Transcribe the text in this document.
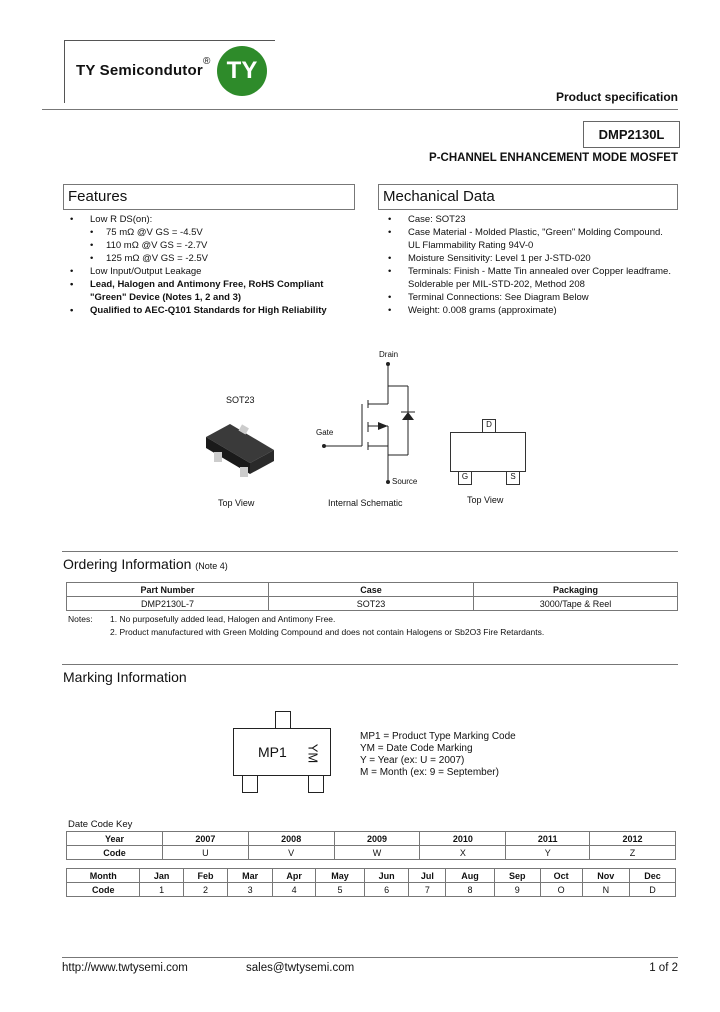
TY Semicondutor
® TY
Product specification
DMP2130L
P-CHANNEL ENHANCEMENT MODE MOSFET
Features
• Low R DS(on):
• 75 mΩ @V GS = -4.5V
• 110 mΩ @V GS = -2.7V
• 125 mΩ @V GS = -2.5V
• Low Input/Output Leakage
• Lead, Halogen and Antimony Free, RoHS Compliant "Green" Device (Notes 1, 2 and 3)
• Qualified to AEC-Q101 Standards for High Reliability
Mechanical Data
• Case: SOT23
• Case Material - Molded Plastic, "Green" Molding Compound. UL Flammability Rating 94V-0
• Moisture Sensitivity: Level 1 per J-STD-020
• Terminals: Finish - Matte Tin annealed over Copper leadframe. Solderable per MIL-STD-202, Method 208
• Terminal Connections: See Diagram Below
• Weight: 0.008 grams (approximate)
SOT23
Top View
Drain
Gate
Source
Internal Schematic
D
G	S
Top View
Ordering Information (Note 4)
Part Number	Case	Packaging
DMP2130L-7	SOT23	3000/Tape & Reel
Notes: 1. No purposefully added lead, Halogen and Antimony Free.
2. Product manufactured with Green Molding Compound and does not contain Halogens or Sb2O3 Fire Retardants.
Marking Information
MP1 YM
MP1 = Product Type Marking Code
YM = Date Code Marking
Y = Year (ex: U = 2007)
M = Month (ex: 9 = September)
Date Code Key
Year	2007	2008	2009	2010	2011	2012
Code	U	V	W	X	Y	Z
Month	Jan	Feb	Mar	Apr	May	Jun	Jul	Aug	Sep	Oct	Nov	Dec
Code	1	2	3	4	5	6	7	8	9	O	N	D
http://www.twtysemi.com	sales@twtysemi.com	1 of 2
